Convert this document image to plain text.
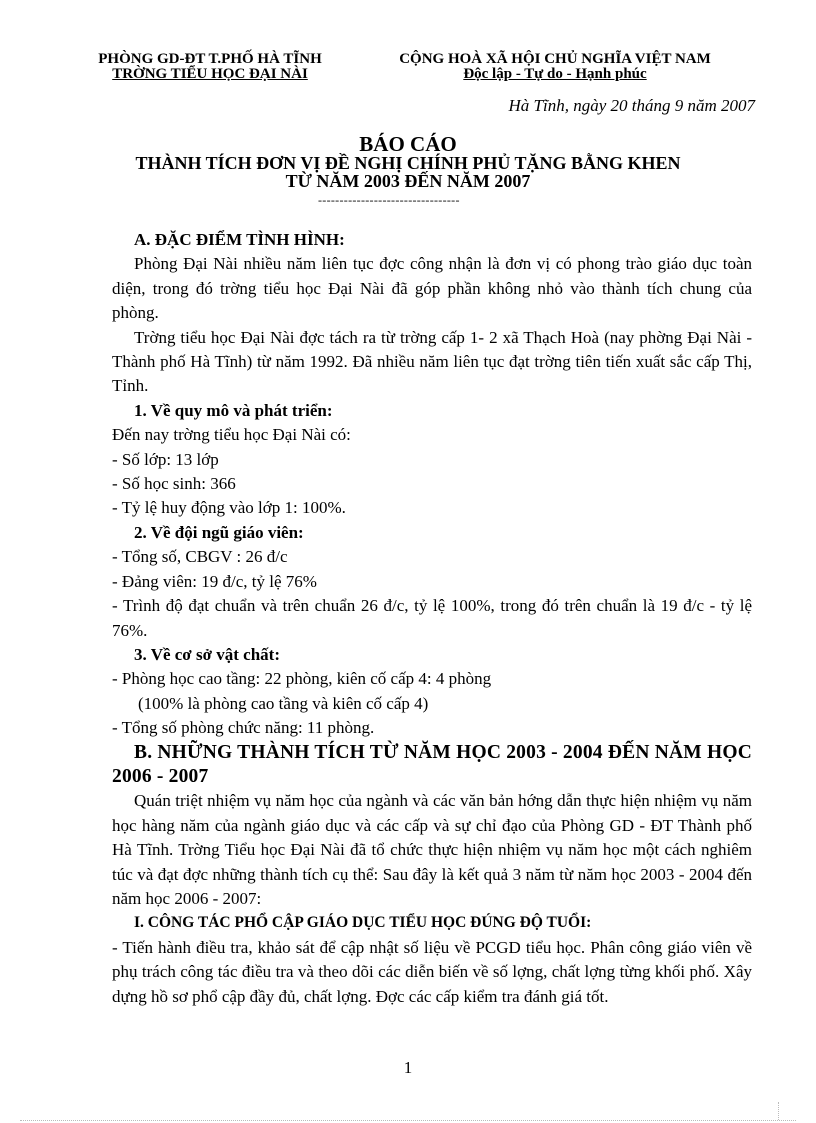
PHÒNG GD-ĐT T.PHỐ HÀ TĨNH
TRỜNG TIỂU HỌC ĐẠI NÀI
CỘNG HOÀ XÃ HỘI CHỦ NGHĨA VIỆT NAM
Độc lập - Tự do - Hạnh phúc
Hà Tĩnh, ngày 20 tháng 9 năm 2007
BÁO CÁO
THÀNH TÍCH ĐƠN VỊ ĐỀ NGHỊ CHÍNH PHỦ TẶNG BẰNG KHEN
TỪ NĂM 2003 ĐẾN NĂM 2007
---------------------------------

A. ĐẶC ĐIỂM TÌNH HÌNH:

Phòng Đại Nài nhiều năm liên tục đợc công nhận là đơn vị có phong trào giáo dục toàn diện, trong đó trờng tiểu học Đại Nài đã góp phần không nhỏ vào thành tích chung của phòng.

Trờng tiểu học Đại Nài đợc tách ra từ trờng cấp 1- 2 xã Thạch Hoà (nay phờng Đại Nài - Thành phố Hà Tĩnh) từ năm 1992. Đã nhiều năm liên tục đạt trờng tiên tiến xuất sắc cấp Thị, Tỉnh.

1. Về quy mô và phát triển:

Đến nay trờng tiểu học Đại Nài có:

- Số lớp: 13 lớp

- Số học sinh: 366

- Tỷ lệ huy động vào lớp 1: 100%.

2. Về đội ngũ giáo viên:

- Tổng số, CBGV : 26 đ/c

- Đảng viên: 19 đ/c, tỷ lệ 76%

- Trình độ đạt chuẩn và trên chuẩn 26 đ/c, tỷ lệ 100%, trong đó trên chuẩn là 19 đ/c - tỷ lệ 76%.

3. Về cơ sở vật chất:

- Phòng học cao tầng: 22 phòng, kiên cố cấp 4: 4 phòng

(100% là phòng cao tầng và kiên cố cấp 4)

- Tổng số phòng chức năng: 11 phòng.

B. NHỮNG THÀNH TÍCH TỪ NĂM HỌC 2003 - 2004 ĐẾN NĂM HỌC 2006 - 2007

Quán triệt nhiệm vụ năm học của ngành và các văn bản hớng dẫn thực hiện nhiệm vụ năm học hàng năm của ngành giáo dục và các cấp và sự chỉ đạo của Phòng GD - ĐT Thành phố Hà Tĩnh. Trờng Tiểu học Đại Nài đã tổ chức thực hiện nhiệm vụ năm học một cách nghiêm túc và đạt đợc những thành tích cụ thể: Sau đây là kết quả 3 năm từ năm học 2003 - 2004 đến năm học 2006 - 2007:

I. CÔNG TÁC PHỔ CẬP GIÁO DỤC TIỂU HỌC ĐÚNG ĐỘ TUỔI:

- Tiến hành điều tra, khảo sát để cập nhật số liệu về PCGD tiểu học. Phân công giáo viên về phụ trách công tác điều tra và theo dõi các diễn biến về số lợng, chất lợng từng khối phố. Xây dựng hồ sơ phổ cập đầy đủ, chất lợng. Đợc các cấp kiểm tra đánh giá tốt.

1
